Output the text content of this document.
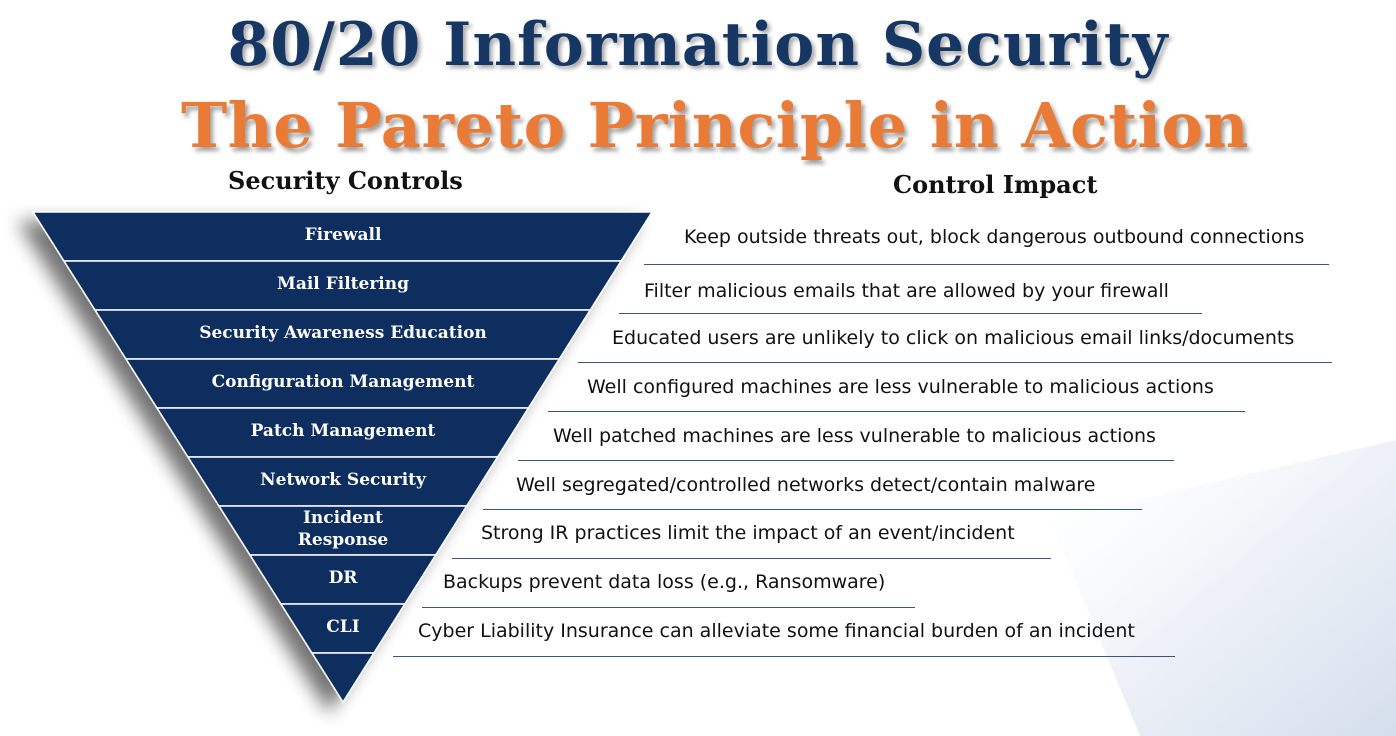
80/20 Information Security
The Pareto Principle in Action
Security Controls	Control Impact
Firewall
Mail Filtering
Security Awareness Education
Configuration Management
Patch Management
Network Security
Incident Response
DR
CLI
Keep outside threats out, block dangerous outbound connections
Filter malicious emails that are allowed by your firewall
Educated users are unlikely to click on malicious email links/documents
Well configured machines are less vulnerable to malicious actions
Well patched machines are less vulnerable to malicious actions
Well segregated/controlled networks detect/contain malware
Strong IR practices limit the impact of an event/incident
Backups prevent data loss (e.g., Ransomware)
Cyber Liability Insurance can alleviate some financial burden of an incident
